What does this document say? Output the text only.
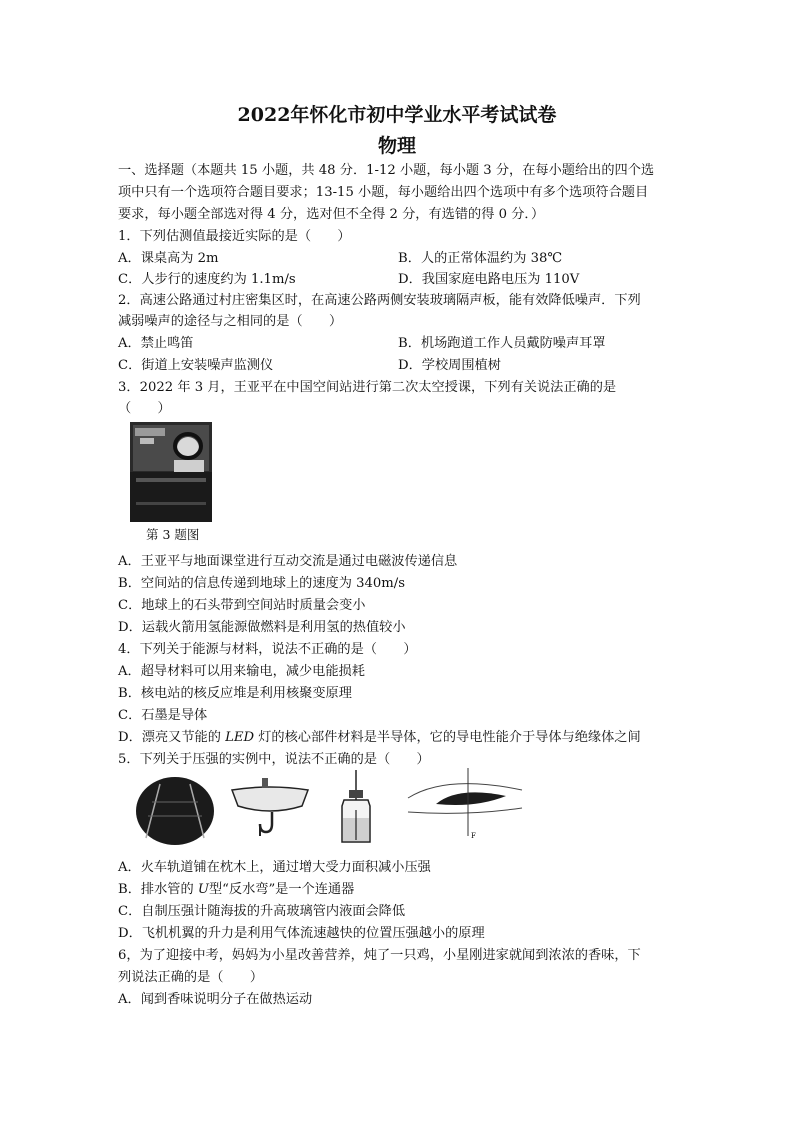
2022年怀化市初中学业水平考试试卷
物理
一、选择题（本题共 15 小题，共 48 分．1-12 小题，每小题 3 分，在每小题给出的四个选
项中只有一个选项符合题目要求；13-15 小题，每小题给出四个选项中有多个选项符合题目
要求，每小题全部选对得 4 分，选对但不全得 2 分，有选错的得 0 分．）
1．下列估测值最接近实际的是（　　）
A．课桌高为 2m	B．人的正常体温约为 38℃
C．人步行的速度约为 1.1m/s	D．我国家庭电路电压为 110V
2．高速公路通过村庄密集区时，在高速公路两侧安装玻璃隔声板，能有效降低噪声．下列
减弱噪声的途径与之相同的是（　　）
A．禁止鸣笛	B．机场跑道工作人员戴防噪声耳罩
C．街道上安装噪声监测仪	D．学校周围植树
3．2022 年 3 月，王亚平在中国空间站进行第二次太空授课，下列有关说法正确的是
（　　）
第 3 题图
A．王亚平与地面课堂进行互动交流是通过电磁波传递信息
B．空间站的信息传递到地球上的速度为 340m/s
C．地球上的石头带到空间站时质量会变小
D．运载火箭用氢能源做燃料是利用氢的热值较小
4．下列关于能源与材料，说法不正确的是（　　）
A．超导材料可以用来输电，减少电能损耗
B．核电站的核反应堆是利用核聚变原理
C．石墨是导体
D．漂亮又节能的 LED 灯的核心部件材料是半导体，它的导电性能介于导体与绝缘体之间
5．下列关于压强的实例中，说法不正确的是（　　）
F
A．火车轨道铺在枕木上，通过增大受力面积减小压强
B．排水管的 U型“反水弯”是一个连通器
C．自制压强计随海拔的升高玻璃管内液面会降低
D．飞机机翼的升力是利用气体流速越快的位置压强越小的原理
6，为了迎接中考，妈妈为小星改善营养，炖了一只鸡，小星刚进家就闻到浓浓的香味，下
列说法正确的是（　　）
A．闻到香味说明分子在做热运动
